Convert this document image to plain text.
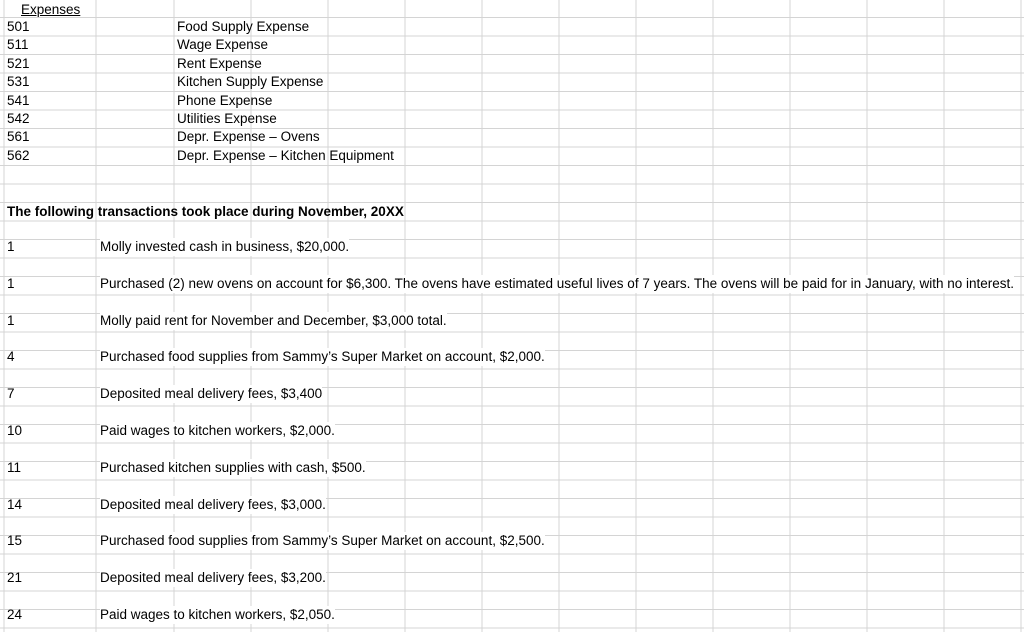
Expenses
501	Food Supply Expense
511	Wage Expense
521	Rent Expense
531	Kitchen Supply Expense
541	Phone Expense
542	Utilities Expense
561	Depr. Expense – Ovens
562	Depr. Expense – Kitchen Equipment
The following transactions took place during November, 20XX
1	Molly invested cash in business, $20,000.
1	Purchased (2) new ovens on account for $6,300. The ovens have estimated useful lives of 7 years. The ovens will be paid for in January, with no interest.
1	Molly paid rent for November and December, $3,000 total.
4	Purchased food supplies from Sammy’s Super Market on account, $2,000.
7	Deposited meal delivery fees, $3,400
10	Paid wages to kitchen workers, $2,000.
11	Purchased kitchen supplies with cash, $500.
14	Deposited meal delivery fees, $3,000.
15	Purchased food supplies from Sammy’s Super Market on account, $2,500.
21	Deposited meal delivery fees, $3,200.
24	Paid wages to kitchen workers, $2,050.
